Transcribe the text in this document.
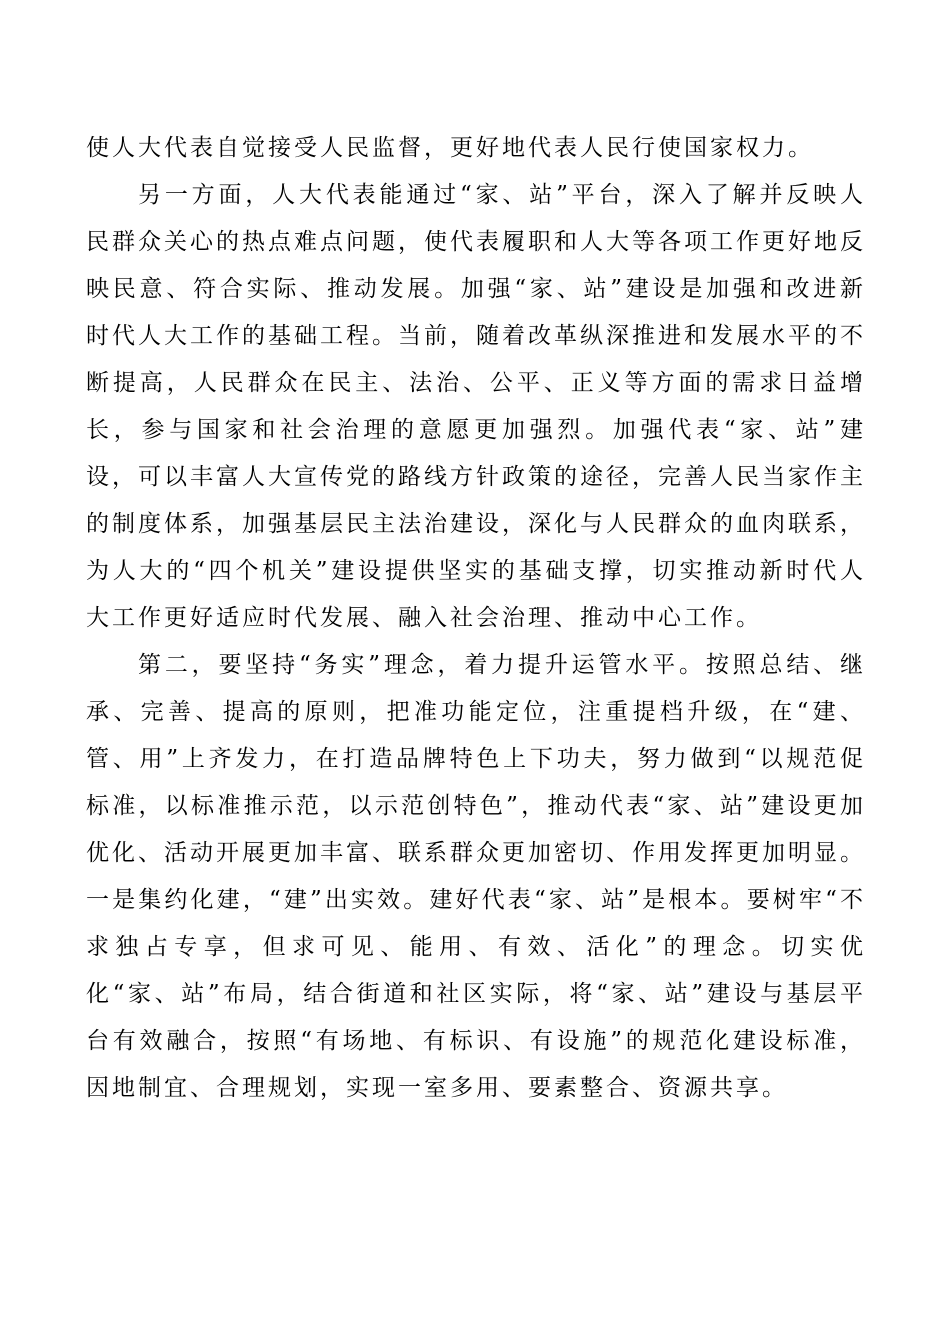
使人大代表自觉接受人民监督，更好地代表人民行使国家权力。

另一方面，人大代表能通过“家、站”平台，深入了解并反映人民群众关心的热点难点问题，使代表履职和人大等各项工作更好地反映民意、符合实际、推动发展。加强“家、站”建设是加强和改进新时代人大工作的基础工程。当前，随着改革纵深推进和发展水平的不断提高，人民群众在民主、法治、公平、正义等方面的需求日益增长，参与国家和社会治理的意愿更加强烈。加强代表“家、站”建设，可以丰富人大宣传党的路线方针政策的途径，完善人民当家作主的制度体系，加强基层民主法治建设，深化与人民群众的血肉联系，为人大的“四个机关”建设提供坚实的基础支撑，切实推动新时代人大工作更好适应时代发展、融入社会治理、推动中心工作。

第二，要坚持“务实”理念，着力提升运管水平。按照总结、继承、完善、提高的原则，把准功能定位，注重提档升级，在“建、管、用”上齐发力，在打造品牌特色上下功夫，努力做到“以规范促标准，以标准推示范，以示范创特色”，推动代表“家、站”建设更加优化、活动开展更加丰富、联系群众更加密切、作用发挥更加明显。一是集约化建，“建”出实效。建好代表“家、站”是根本。要树牢“不求独占专享，但求可见、能用、有效、活化”的理念。切实优化“家、站”布局，结合街道和社区实际，将“家、站”建设与基层平台有效融合，按照“有场地、有标识、有设施”的规范化建设标准，因地制宜、合理规划，实现一室多用、要素整合、资源共享。
